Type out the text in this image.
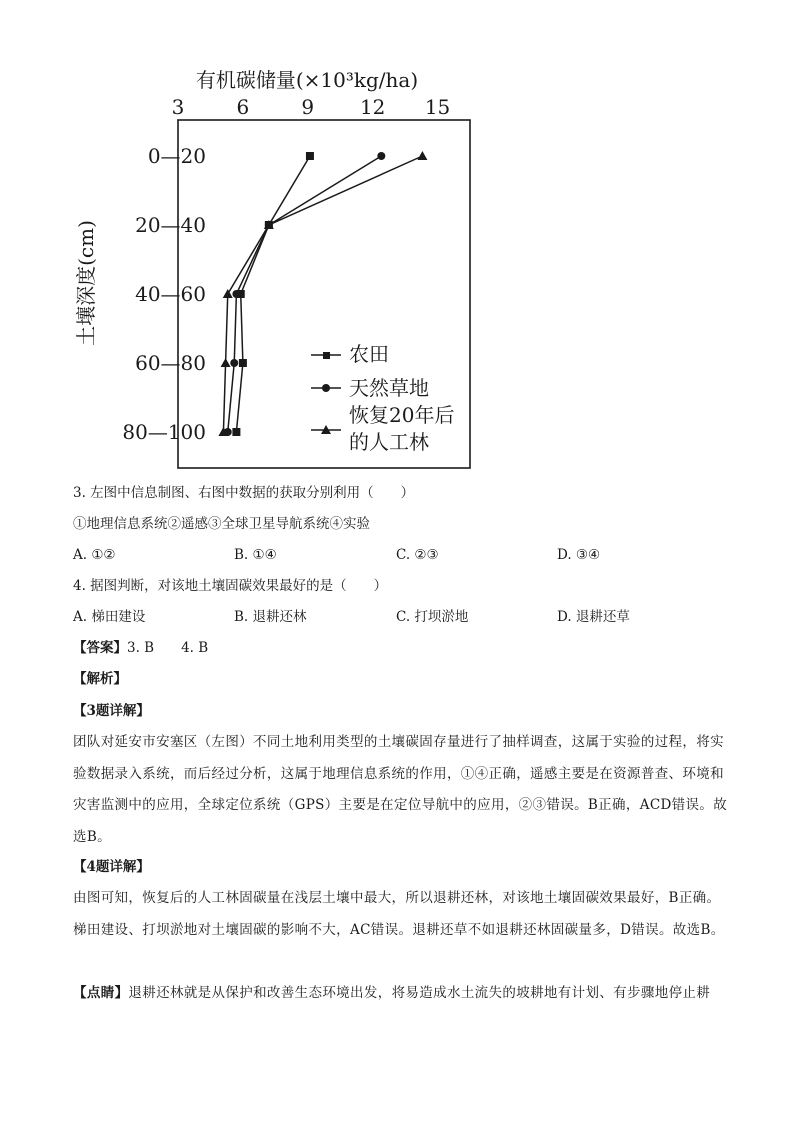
有机碳储量(×10³kg/ha)
3	6	9 12 15
0—20
20—40
40—60
60—80
80—100
土壤深度(cm)
农田
天然草地
恢复20年后
的人工林
3. 左图中信息制图、右图中数据的获取分别利用（　　）
①地理信息系统②遥感③全球卫星导航系统④实验
A. ①②	B. ①④	C. ②③	D. ③④
4. 据图判断，对该地土壤固碳效果最好的是（　　）
A. 梯田建设	B. 退耕还林	C. 打坝淤地	D. 退耕还草
【 答案 】 3. B　　4. B
【 解析 】
【 3题详解 】
团队对延安市安塞区（左图）不同土地利用类型的土壤碳固存量进行了抽样调查，这属于实验的过程，将实验数据录入系统，而后经过分析，这属于地理信息系统的作用，①④正确，遥感主要是在资源普查、环境和灾害监测中的应用，全球定位系统（GPS）主要是在定位导航中的应用，②③错误。B正确，ACD错误。故选B。
【 4题详解 】
由图可知，恢复后的人工林固碳量在浅层土壤中最大，所以退耕还林，对该地土壤固碳效果最好，B正确。梯田建设、打坝淤地对土壤固碳的影响不大，AC错误。退耕还草不如退耕还林固碳量多，D错误。故选B。
【 点睛 】 退耕还林就是从保护和改善生态环境出发，将易造成水土流失的坡耕地有计划、有步骤地停止耕
